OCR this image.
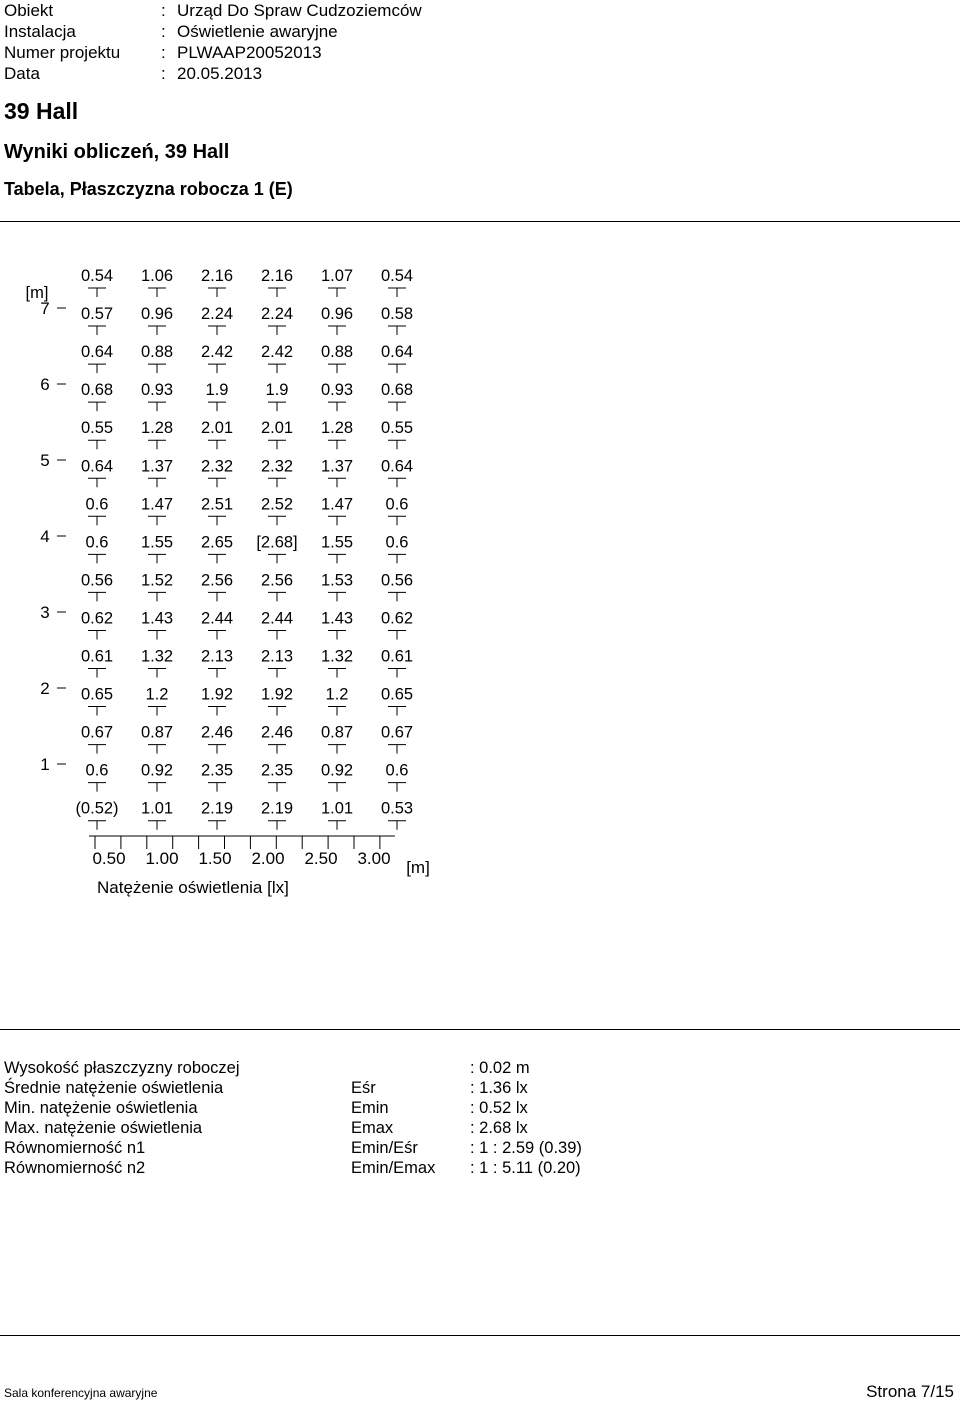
Obiekt	: Urząd Do Spraw Cudzoziemców
Instalacja	: Oświetlenie awaryjne
Numer projektu	: PLWAAP20052013
Data	: 20.05.2013
39 Hall
Wyniki obliczeń, 39 Hall
Tabela, Płaszczyzna robocza 1 (E)
0.54 1.06 2.16 2.16 1.07 0.54
0.57 0.96 2.24 2.24 0.96 0.58
0.64 0.88 2.42 2.42 0.88 0.64
0.68 0.93 1.9 1.9 0.93 0.68
0.55 1.28 2.01 2.01 1.28 0.55
0.64 1.37 2.32 2.32 1.37 0.64
0.6 1.47 2.51 2.52 1.47 0.6
0.6 1.55 2.65 [2.68] 1.55 0.6
0.56 1.52 2.56 2.56 1.53 0.56
0.62 1.43 2.44 2.44 1.43 0.62
0.61 1.32 2.13 2.13 1.32 0.61
0.65 1.2 1.92 1.92 1.2 0.65
0.67 0.87 2.46 2.46 0.87 0.67
0.6 0.92 2.35 2.35 0.92 0.6
(0.52) 1.01 2.19 2.19 1.01 0.53
[m]
7
6
5
4
3
2
1
0.50 1.00 1.50 2.00 2.50 3.00 [m]
Natężenie oświetlenia [lx]
Wysokość płaszczyzny roboczej	: 0.02 m
Średnie natężenie oświetlenia	Eśr	: 1.36 lx
Min. natężenie oświetlenia	Emin	: 0.52 lx
Max. natężenie oświetlenia	Emax	: 2.68 lx
Równomierność n1	Emin/Eśr	: 1 : 2.59 (0.39)
Równomierność n2	Emin/Emax : 1 : 5.11 (0.20)
Sala konferencyjna awaryjne	Strona 7/15
